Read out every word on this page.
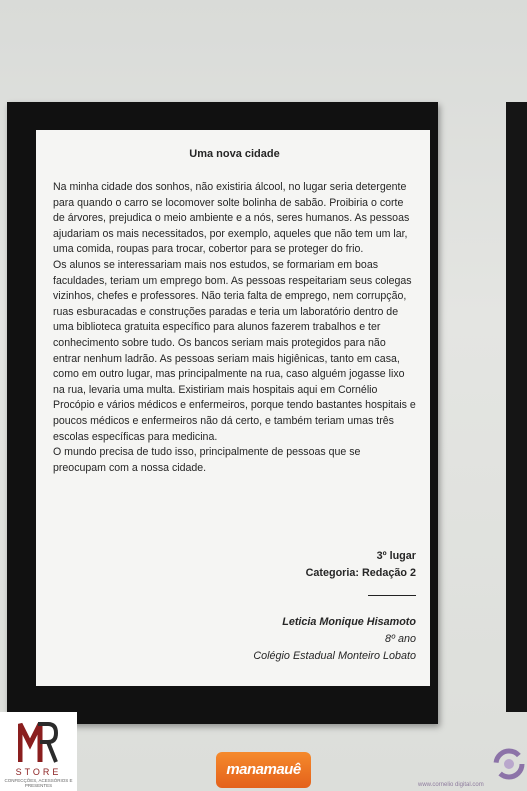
Uma nova cidade

Na minha cidade dos sonhos, não existiria álcool, no lugar seria detergente para quando o carro se locomover solte bolinha de sabão. Proibiria o corte de árvores, prejudica o meio ambiente e a nós, seres humanos. As pessoas ajudariam os mais necessitados, por exemplo, aqueles que não tem um lar, uma comida, roupas para trocar, cobertor para se proteger do frio.

Os alunos se interessariam mais nos estudos, se formariam em boas faculdades, teriam um emprego bom. As pessoas respeitariam seus colegas vizinhos, chefes e professores. Não teria falta de emprego, nem corrupção, ruas esburacadas e construções paradas e teria um laboratório dentro de uma biblioteca gratuita específico para alunos fazerem trabalhos e ter conhecimento sobre tudo. Os bancos seriam mais protegidos para não entrar nenhum ladrão. As pessoas seriam mais higiênicas, tanto em casa, como em outro lugar, mas principalmente na rua, caso alguém jogasse lixo na rua, levaria uma multa. Existiriam mais hospitais aqui em Cornélio Procópio e vários médicos e enfermeiros, porque tendo bastantes hospitais e poucos médicos e enfermeiros não dá certo, e também teriam umas três escolas específicas para medicina.

O mundo precisa de tudo isso, principalmente de pessoas que se preocupam com a nossa cidade.

3º lugar
Categoria: Redação 2
Leticia Monique Hisamoto
8º ano
Colégio Estadual Monteiro Lobato
STORE
CONFECÇÕES, ACESSÓRIOS E PRESENTES
manamauê
www.cornelio digital.com
